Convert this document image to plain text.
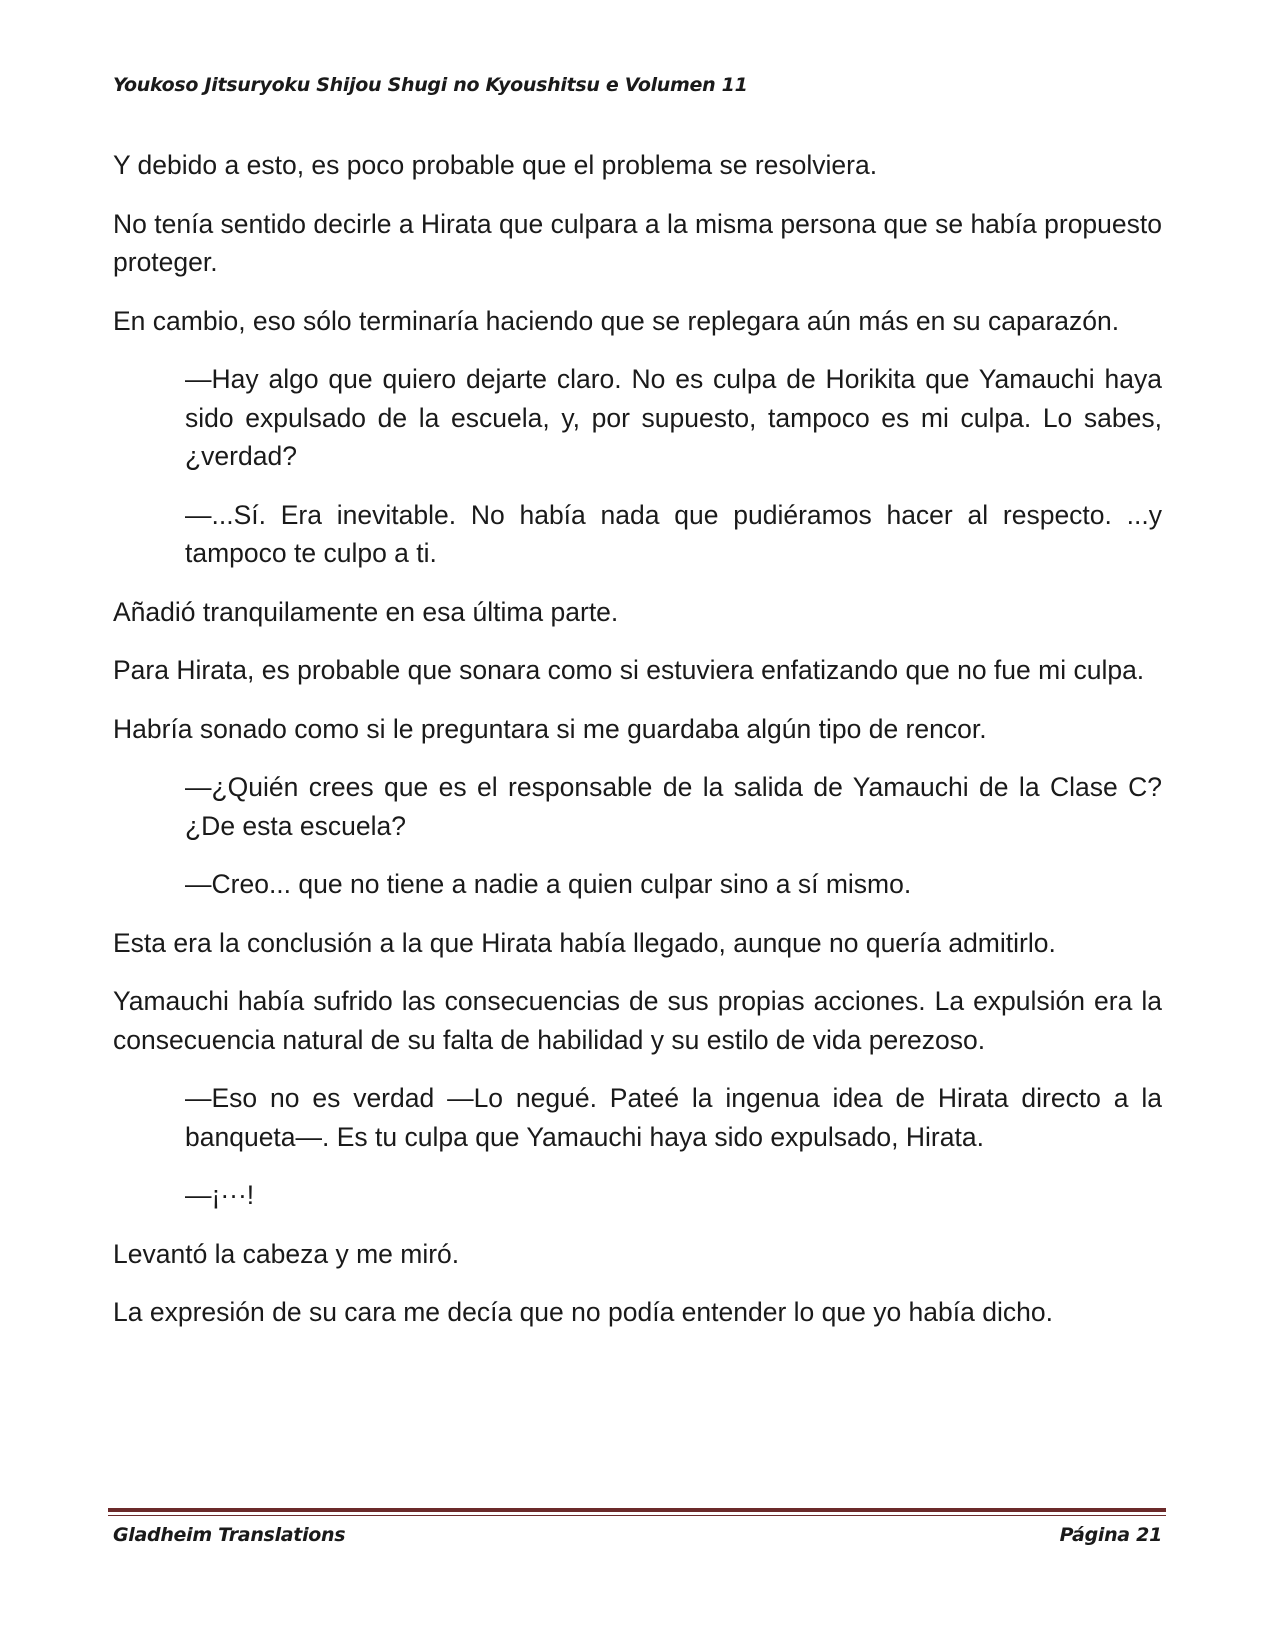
Youkoso Jitsuryoku Shijou Shugi no Kyoushitsu e Volumen 11

Y debido a esto, es poco probable que el problema se resolviera.

No tenía sentido decirle a Hirata que culpara a la misma persona que se había propuesto proteger.

En cambio, eso sólo terminaría haciendo que se replegara aún más en su caparazón.

—Hay algo que quiero dejarte claro. No es culpa de Horikita que Yamauchi haya sido expulsado de la escuela, y, por supuesto, tampoco es mi culpa. Lo sabes, ¿verdad?

—...Sí. Era inevitable. No había nada que pudiéramos hacer al respecto. ...y tampoco te culpo a ti.

Añadió tranquilamente en esa última parte.

Para Hirata, es probable que sonara como si estuviera enfatizando que no fue mi culpa.

Habría sonado como si le preguntara si me guardaba algún tipo de rencor.

—¿Quién crees que es el responsable de la salida de Yamauchi de la Clase C? ¿De esta escuela?

—Creo... que no tiene a nadie a quien culpar sino a sí mismo.

Esta era la conclusión a la que Hirata había llegado, aunque no quería admitirlo.

Yamauchi había sufrido las consecuencias de sus propias acciones. La expulsión era la consecuencia natural de su falta de habilidad y su estilo de vida perezoso.

—Eso no es verdad —Lo negué. Pateé la ingenua idea de Hirata directo a la banqueta—. Es tu culpa que Yamauchi haya sido expulsado, Hirata.

—¡···!

Levantó la cabeza y me miró.

La expresión de su cara me decía que no podía entender lo que yo había dicho.

Gladheim Translations	Página 21
